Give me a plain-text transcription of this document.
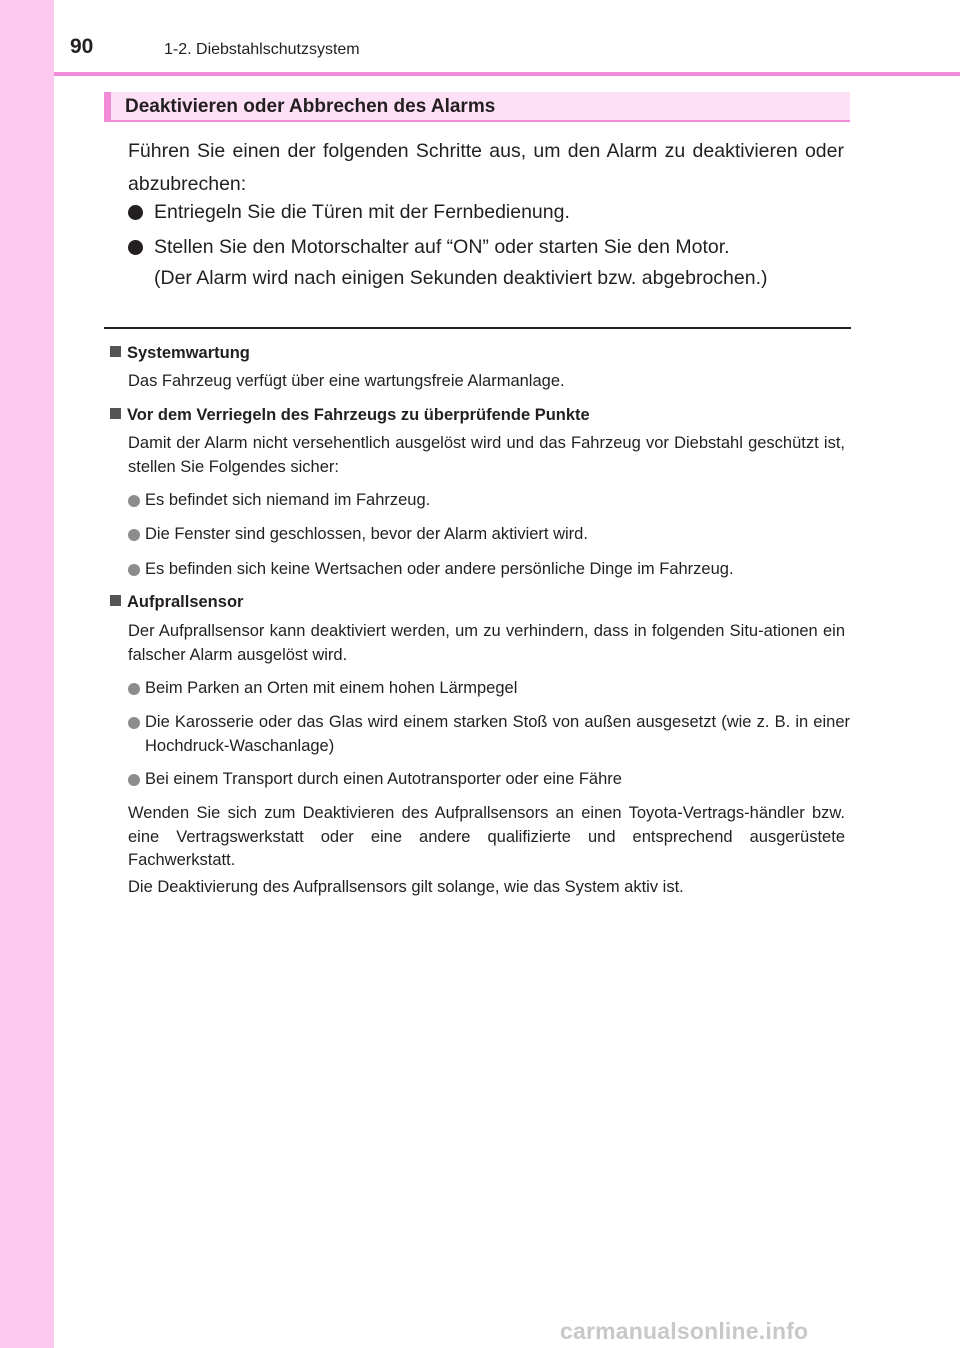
90	1-2. Diebstahlschutzsystem
Deaktivieren oder Abbrechen des Alarms
Führen Sie einen der folgenden Schritte aus, um den Alarm zu deaktivieren oder abzubrechen:
Entriegeln Sie die Türen mit der Fernbedienung.
Stellen Sie den Motorschalter auf “ON” oder starten Sie den Motor.
(Der Alarm wird nach einigen Sekunden deaktiviert bzw. abgebrochen.)
Systemwartung
Das Fahrzeug verfügt über eine wartungsfreie Alarmanlage.
Vor dem Verriegeln des Fahrzeugs zu überprüfende Punkte
Damit der Alarm nicht versehentlich ausgelöst wird und das Fahrzeug vor Diebstahl geschützt ist, stellen Sie Folgendes sicher:
Es befindet sich niemand im Fahrzeug.
Die Fenster sind geschlossen, bevor der Alarm aktiviert wird.
Es befinden sich keine Wertsachen oder andere persönliche Dinge im Fahrzeug.
Aufprallsensor
Der Aufprallsensor kann deaktiviert werden, um zu verhindern, dass in folgenden Situ-ationen ein falscher Alarm ausgelöst wird.
Beim Parken an Orten mit einem hohen Lärmpegel
Die Karosserie oder das Glas wird einem starken Stoß von außen ausgesetzt (wie z. B. in einer Hochdruck-Waschanlage)
Bei einem Transport durch einen Autotransporter oder eine Fähre
Wenden Sie sich zum Deaktivieren des Aufprallsensors an einen Toyota-Vertrags-händler bzw. eine Vertragswerkstatt oder eine andere qualifizierte und entsprechend ausgerüstete Fachwerkstatt.
Die Deaktivierung des Aufprallsensors gilt solange, wie das System aktiv ist.
carmanualsonline.info
